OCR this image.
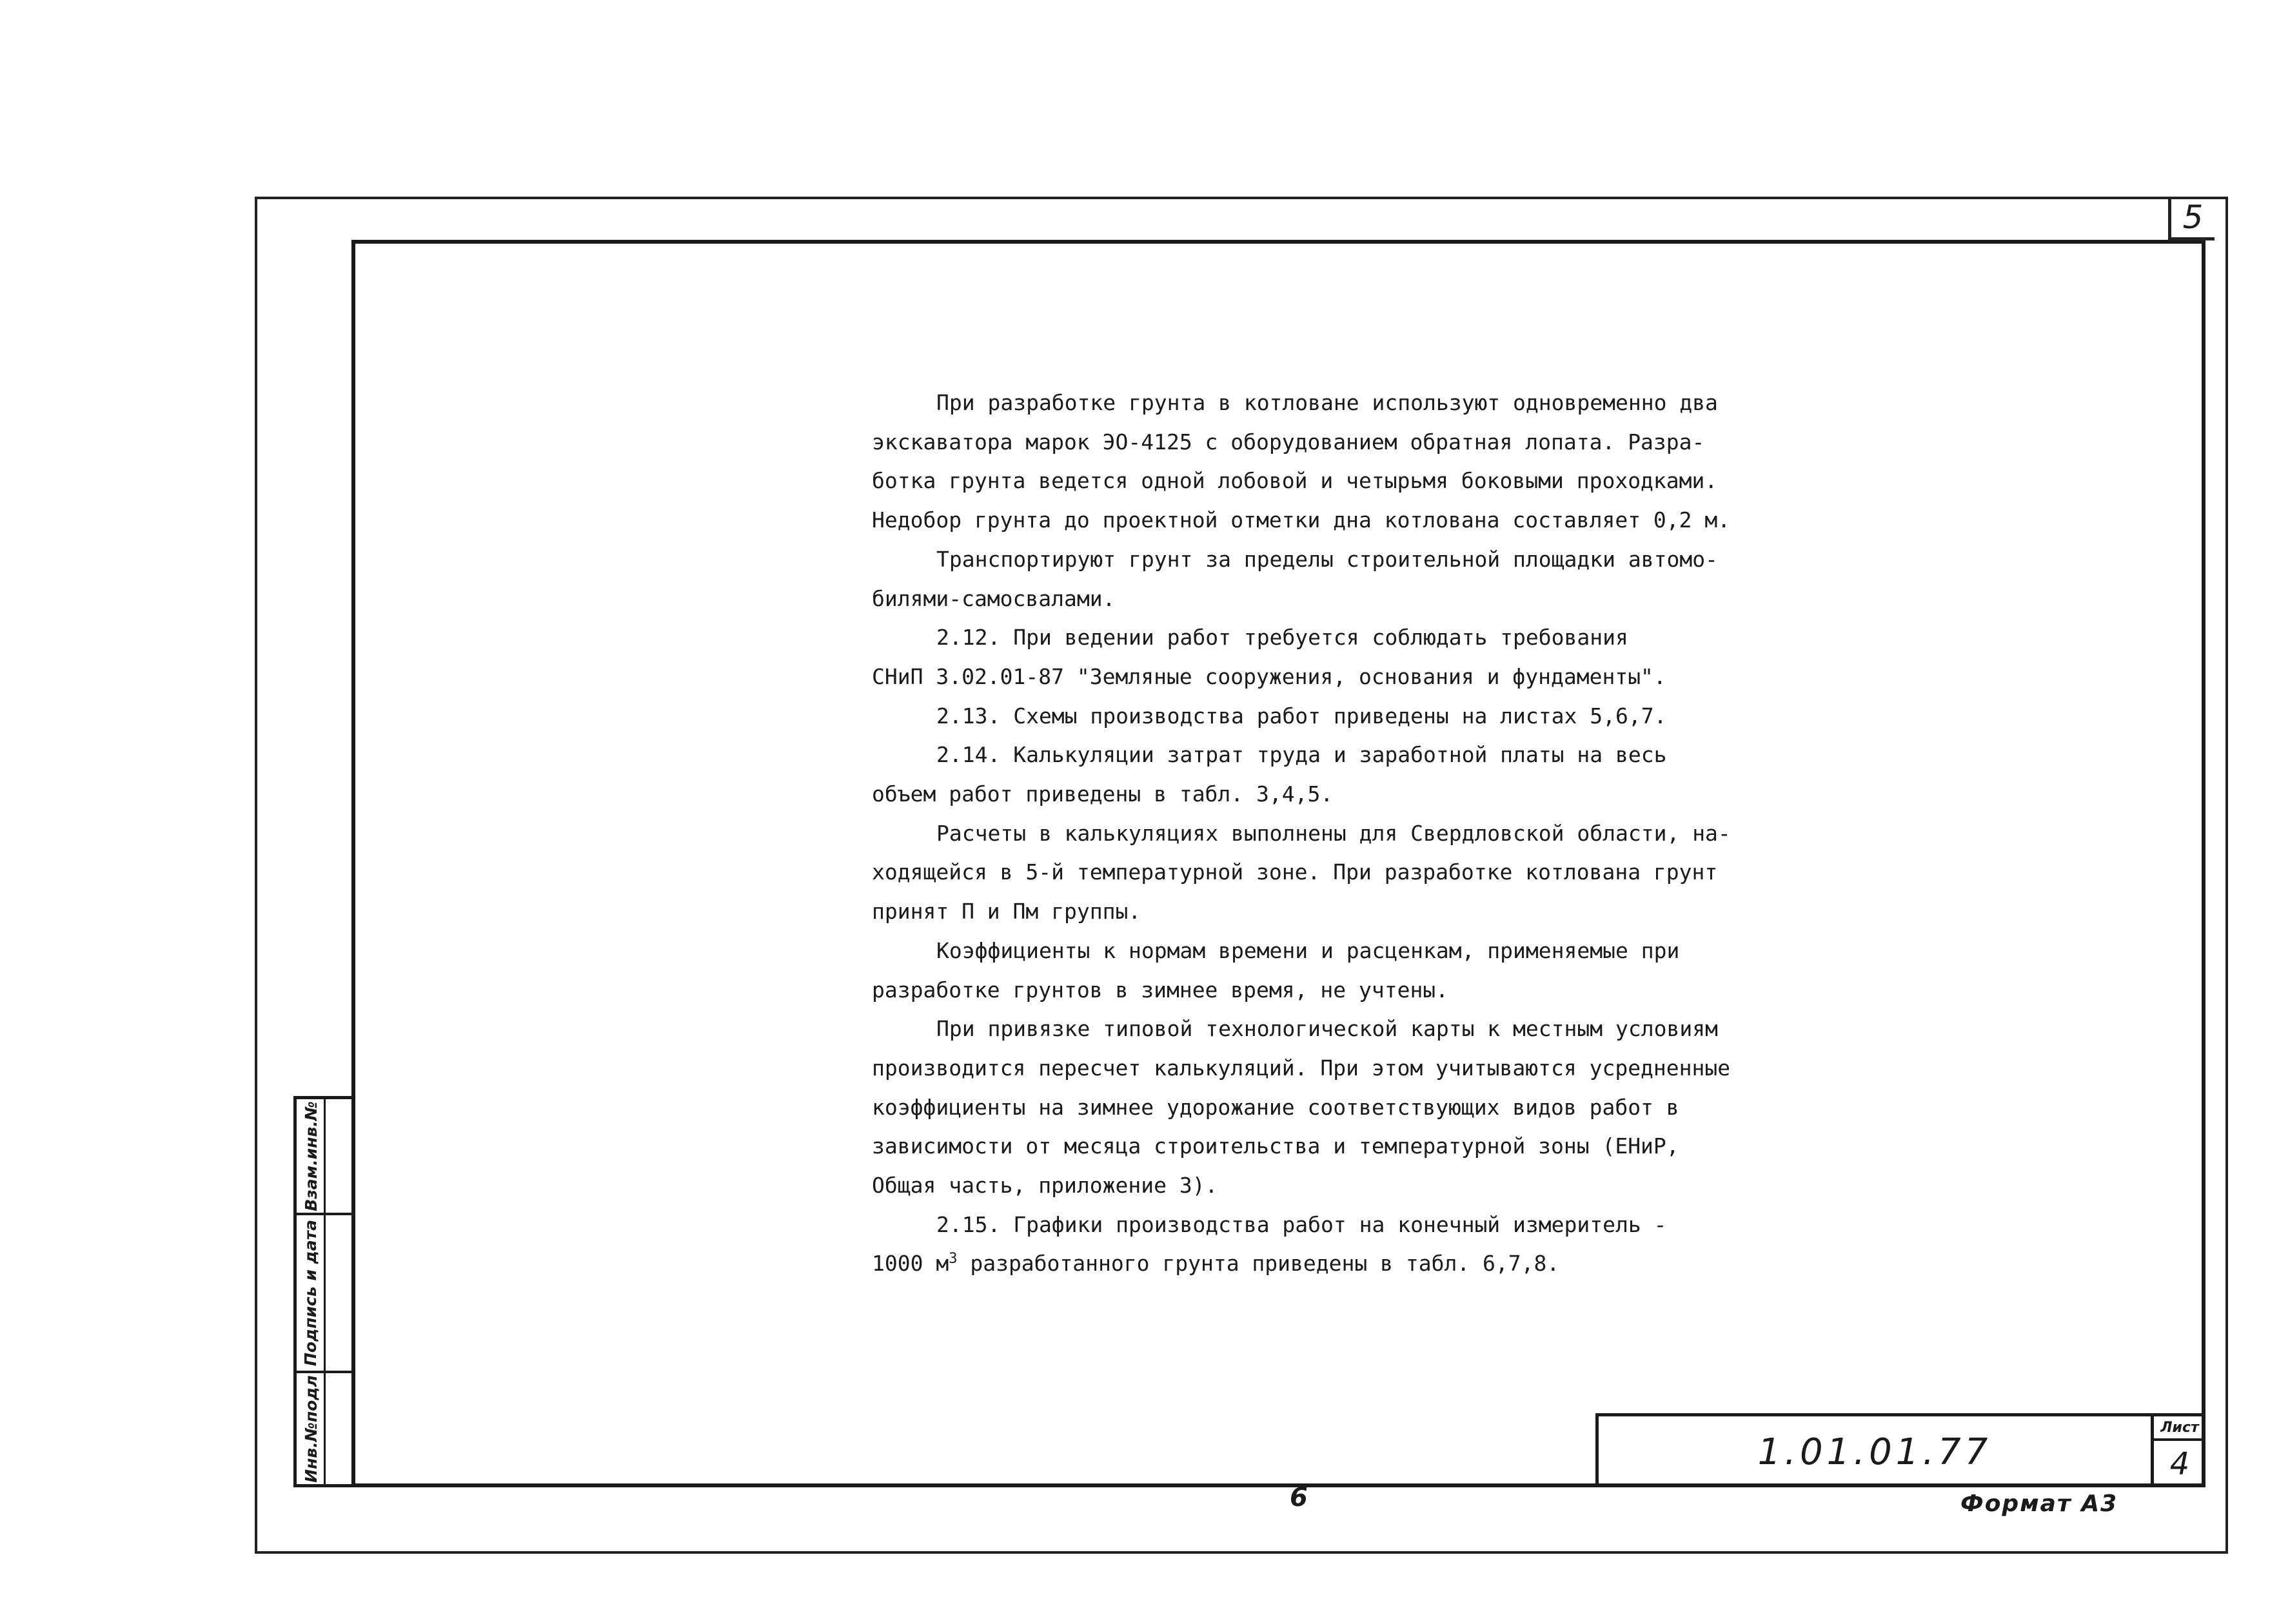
5
Взам.инв.№
Подпись и дата
Инв.№подл

При разработке грунта в котловане используют одновременно два

экскаватора марок ЭО-4125 с оборудованием обратная лопата. Разра-

ботка грунта ведется одной лобовой и четырьмя боковыми проходками.

Недобор грунта до проектной отметки дна котлована составляет 0,2 м.

Транспортируют грунт за пределы строительной площадки автомо-

билями-самосвалами.

2.12. При ведении работ требуется соблюдать требования

СНиП 3.02.01-87 "Земляные сооружения, основания и фундаменты".

2.13. Схемы производства работ приведены на листах 5,6,7.

2.14. Калькуляции затрат труда и заработной платы на весь

объем работ приведены в табл. 3,4,5.

Расчеты в калькуляциях выполнены для Свердловской области, на-

ходящейся в 5-й температурной зоне. При разработке котлована грунт

принят П и Пм группы.

Коэффициенты к нормам времени и расценкам, применяемые при

разработке грунтов в зимнее время, не учтены.

При привязке типовой технологической карты к местным условиям

производится пересчет калькуляций. При этом учитываются усредненные

коэффициенты на зимнее удорожание соответствующих видов работ в

зависимости от месяца строительства и температурной зоны (ЕНиР,

Общая часть, приложение 3).

2.15. Графики производства работ на конечный измеритель -

1000 $м^3$ разработанного грунта приведены в табл. 6,7,8.

1.01.01.77
Лист
4
6	Формат А3
